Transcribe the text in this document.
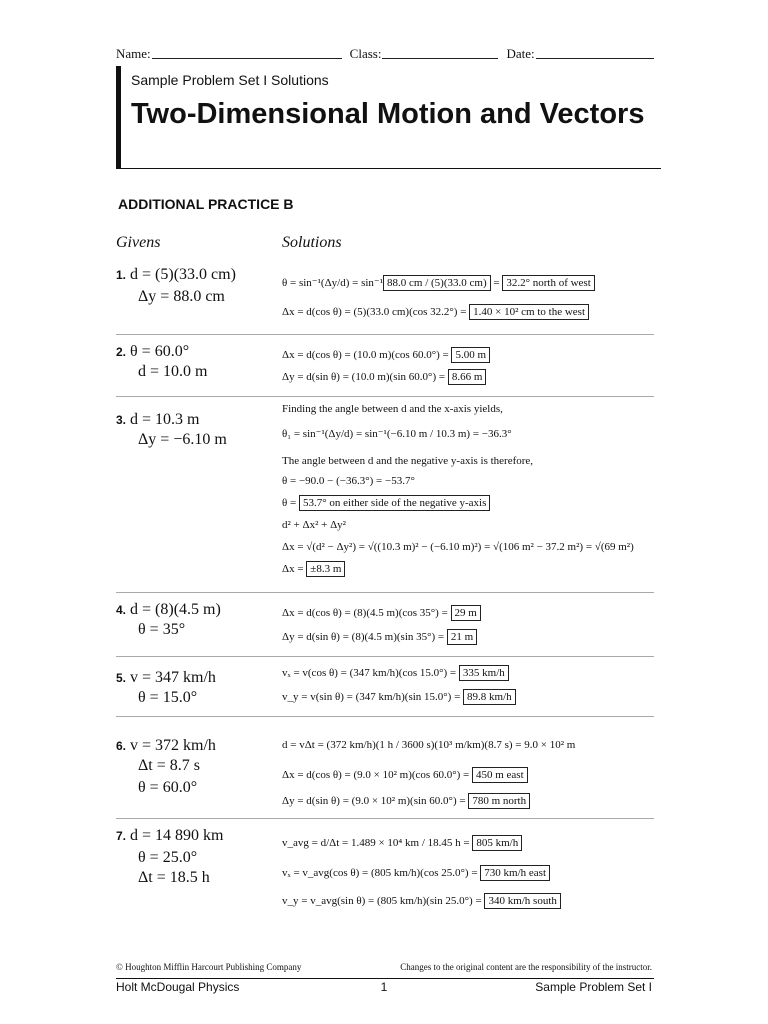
Name:	Class:	Date:
Sample Problem Set I Solutions
Two-Dimensional Motion and Vectors
ADDITIONAL PRACTICE B
Givens	Solutions
1. d = (5)(33.0 cm)
Δy = 88.0 cm
θ = sin⁻¹(Δy/d) = sin⁻¹ 88.0 cm / (5)(33.0 cm) = 32.2° north of west
Δx = d(cos θ) = (5)(33.0 cm)(cos 32.2°) = 1.40 × 10² cm to the west
2. θ = 60.0°
d = 10.0 m
Δx = d(cos θ) = (10.0 m)(cos 60.0°) = 5.00 m
Δy = d(sin θ) = (10.0 m)(sin 60.0°) = 8.66 m
3. d = 10.3 m
Δy = −6.10 m
Finding the angle between d and the x-axis yields,
θ₁ = sin⁻¹(Δy/d) = sin⁻¹(−6.10 m / 10.3 m) = −36.3°
The angle between d and the negative y-axis is therefore,
θ = −90.0 − (−36.3°) = −53.7°
θ = 53.7° on either side of the negative y-axis
d² + Δx² + Δy²
Δx = √(d² − Δy²) = √((10.3 m)² − (−6.10 m)²) = √(106 m² − 37.2 m²) = √(69 m²)
Δx = ±8.3 m
4. d = (8)(4.5 m)
θ = 35°
Δx = d(cos θ) = (8)(4.5 m)(cos 35°) = 29 m
Δy = d(sin θ) = (8)(4.5 m)(sin 35°) = 21 m
5. v = 347 km/h
θ = 15.0°
vₓ = v(cos θ) = (347 km/h)(cos 15.0°) = 335 km/h
v_y = v(sin θ) = (347 km/h)(sin 15.0°) = 89.8 km/h
6. v = 372 km/h
Δt = 8.7 s
θ = 60.0°
d = vΔt = (372 km/h)(1 h / 3600 s)(10³ m/km)(8.7 s) = 9.0 × 10² m
Δx = d(cos θ) = (9.0 × 10² m)(cos 60.0°) = 450 m east
Δy = d(sin θ) = (9.0 × 10² m)(sin 60.0°) = 780 m north
7. d = 14 890 km
θ = 25.0°
Δt = 18.5 h
v_avg = d/Δt = 1.489 × 10⁴ km / 18.45 h = 805 km/h
vₓ = v_avg(cos θ) = (805 km/h)(cos 25.0°) = 730 km/h east
v_y = v_avg(sin θ) = (805 km/h)(sin 25.0°) = 340 km/h south
© Houghton Mifflin Harcourt Publishing Company	Changes to the original content are the responsibility of the instructor.
Holt McDougal Physics	1	Sample Problem Set I
